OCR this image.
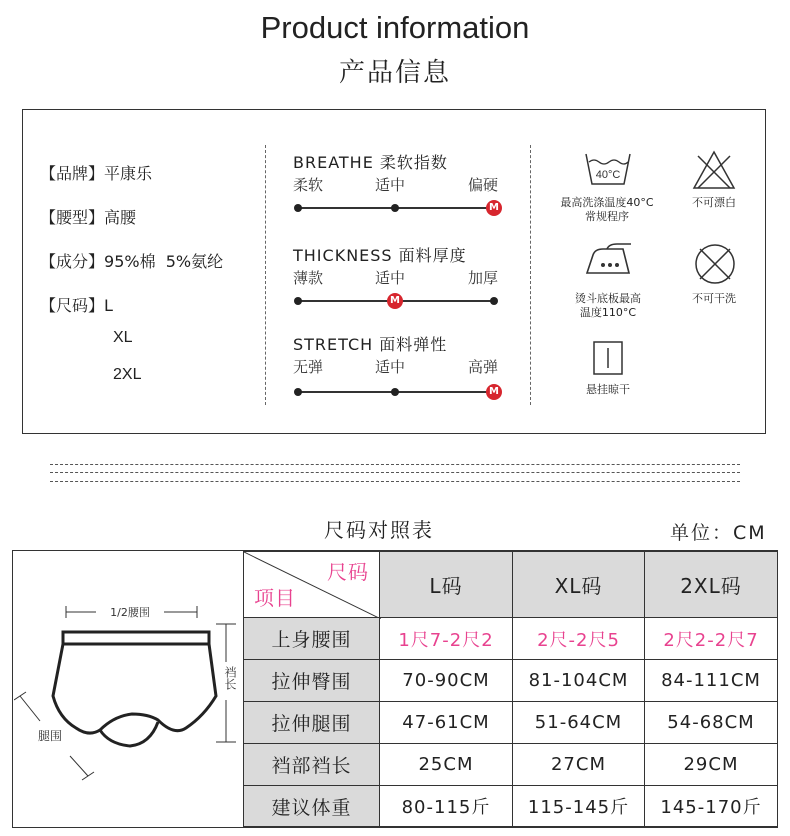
Product information
产品信息
【品牌】平康乐
【腰型】高腰
【成分】95%棉  5%氨纶
【尺码】L
XL
2XL
BREATHE 柔软指数
柔软	适中	偏硬
M
THICKNESS 面料厚度
薄款	适中	加厚
M
STRETCH 面料弹性
无弹	适中	高弹
M
40°C
最高洗涤温度40°C
常规程序
不可漂白
烫斗底板最高
温度110°C
不可干洗
悬挂晾干
尺码对照表	单位：CM
1/2腰围
裆长
腿围
尺码
项目	L码	XL码	2XL码
上身腰围	1尺7-2尺2	2尺-2尺5	2尺2-2尺7
拉伸臀围	70-90CM	81-104CM	84-111CM
拉伸腿围	47-61CM	51-64CM	54-68CM
裆部裆长	25CM	27CM	29CM
建议体重	80-115斤	115-145斤	145-170斤
